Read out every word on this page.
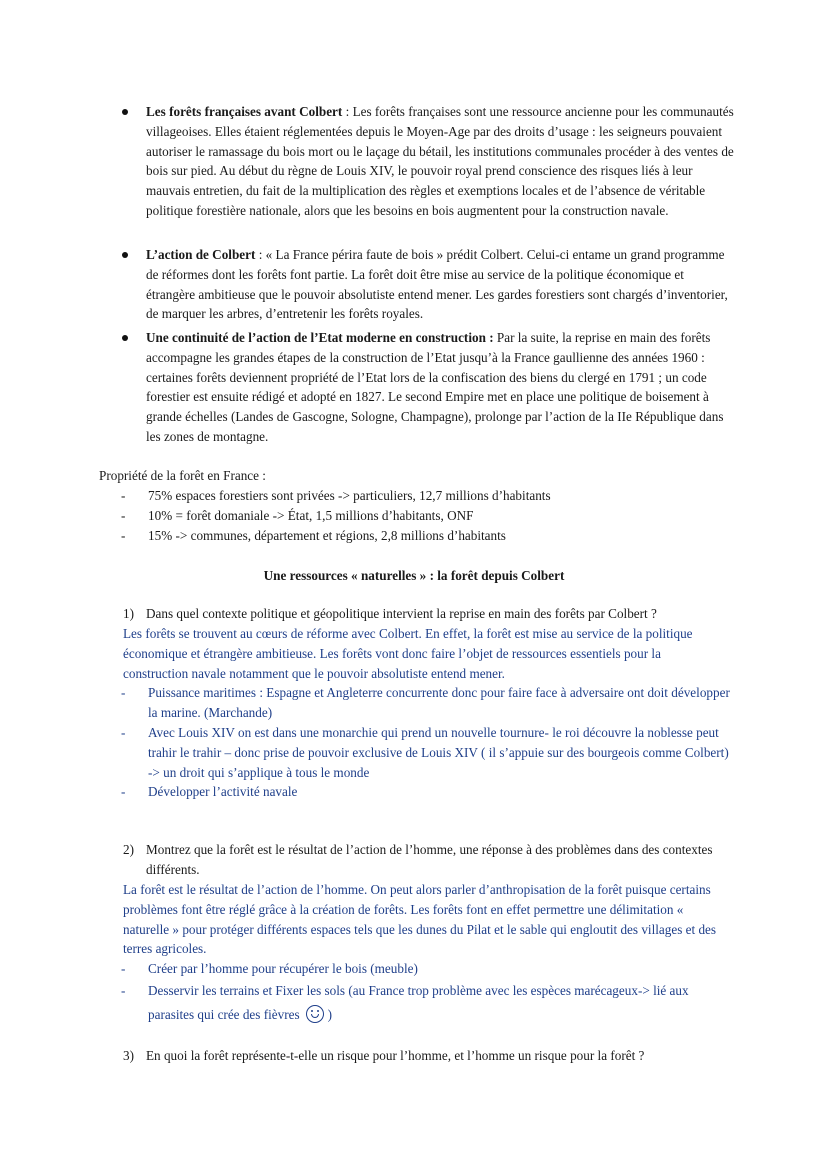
Les forêts françaises avant Colbert : Les forêts françaises sont une ressource ancienne pour les communautés villageoises. Elles étaient réglementées depuis le Moyen-Age par des droits d’usage : les seigneurs pouvaient autoriser le ramassage du bois mort ou le laçage du bétail, les institutions communales procéder à des ventes de bois sur pied. Au début du règne de Louis XIV, le pouvoir royal prend conscience des risques liés à leur mauvais entretien, du fait de la multiplication des règles et exemptions locales et de l’absence de véritable politique forestière nationale, alors que les besoins en bois augmentent pour la construction navale.
L’action de Colbert : « La France périra faute de bois » prédit Colbert. Celui-ci entame un grand programme de réformes dont les forêts font partie. La forêt doit être mise au service de la politique économique et étrangère ambitieuse que le pouvoir absolutiste entend mener. Les gardes forestiers sont chargés d’inventorier, de marquer les arbres, d’entretenir les forêts royales.
Une continuité de l’action de l’Etat moderne en construction : Par la suite, la reprise en main des forêts accompagne les grandes étapes de la construction de l’Etat jusqu’à la France gaullienne des années 1960 : certaines forêts deviennent propriété de l’Etat lors de la confiscation des biens du clergé en 1791 ; un code forestier est ensuite rédigé et adopté en 1827. Le second Empire met en place une politique de boisement à grande échelles (Landes de Gascogne, Sologne, Champagne), prolonge par l’action de la IIe République dans les zones de montagne.
Propriété de la forêt en France :
- 75% espaces forestiers sont privées -> particuliers, 12,7 millions d’habitants
- 10% = forêt domaniale -> État, 1,5 millions d’habitants, ONF
- 15% -> communes, département et régions, 2,8 millions d’habitants
Une ressources « naturelles » : la forêt depuis Colbert
1) Dans quel contexte politique et géopolitique intervient la reprise en main des forêts par Colbert ?
Les forêts se trouvent au cœurs de réforme avec Colbert. En effet, la forêt est mise au service de la politique économique et étrangère ambitieuse. Les forêts vont donc faire l’objet de ressources essentiels pour la construction navale notamment que le pouvoir absolutiste entend mener.
- Puissance maritimes : Espagne et Angleterre concurrente donc pour faire face à adversaire ont doit développer la marine. (Marchande)
- Avec Louis XIV on est dans une monarchie qui prend un nouvelle tournure- le roi découvre la noblesse peut trahir le trahir – donc prise de pouvoir exclusive de Louis XIV ( il s’appuie sur des bourgeois comme Colbert) -> un droit qui s’applique à tous le monde
- Développer l’activité navale
2) Montrez que la forêt est le résultat de l’action de l’homme, une réponse à des problèmes dans des contextes différents.
La forêt est le résultat de l’action de l’homme. On peut alors parler d’anthropisation de la forêt puisque certains problèmes font être réglé grâce à la création de forêts. Les forêts font en effet permettre une délimitation « naturelle » pour protéger différents espaces tels que les dunes du Pilat et le sable qui engloutit des villages et des terres agricoles.
- Créer par l’homme pour récupérer le bois (meuble)
- Desservir les terrains et Fixer les sols (au France trop problème avec les espèces marécageux-> lié aux parasites qui crée des fièvres )
3) En quoi la forêt représente-t-elle un risque pour l’homme, et l’homme un risque pour la forêt ?
